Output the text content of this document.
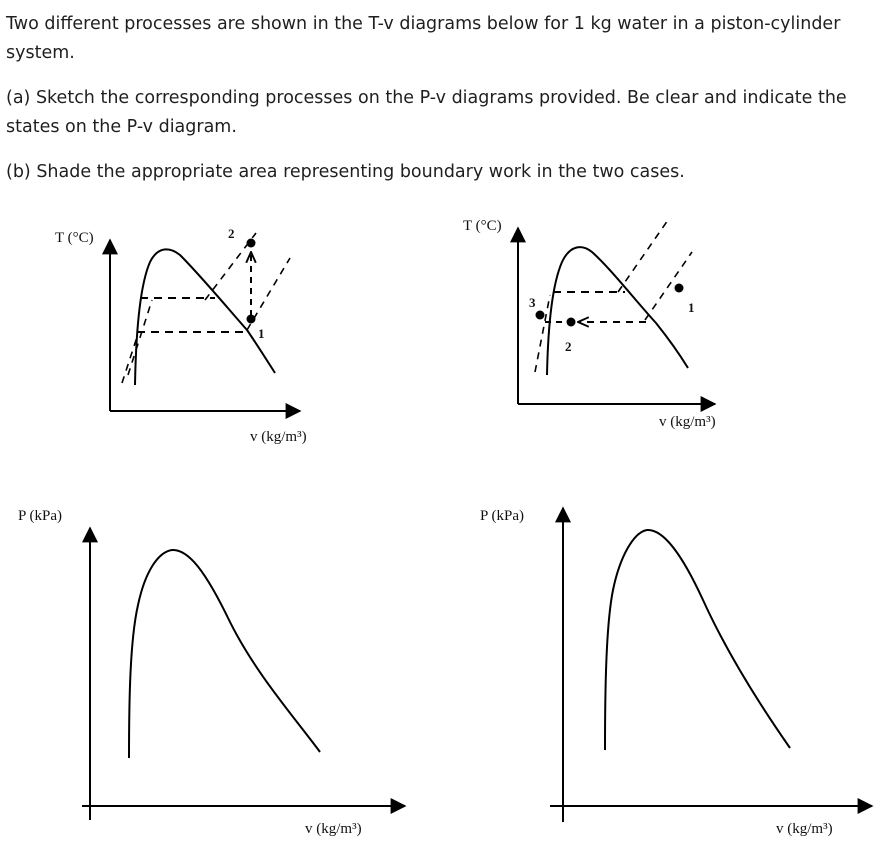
Two different processes are shown in the T-v diagrams below for 1 kg water in a piston-cylinder system.

(a) Sketch the corresponding processes on the P-v diagrams provided. Be clear and indicate the states on the P-v diagram.

(b) Shade the appropriate area representing boundary work in the two cases.

2
1
T (°C)
v (kg/m³)
3
2
1
T (°C)
v (kg/m³)
P (kPa)
v (kg/m³)
P (kPa)
v (kg/m³)
